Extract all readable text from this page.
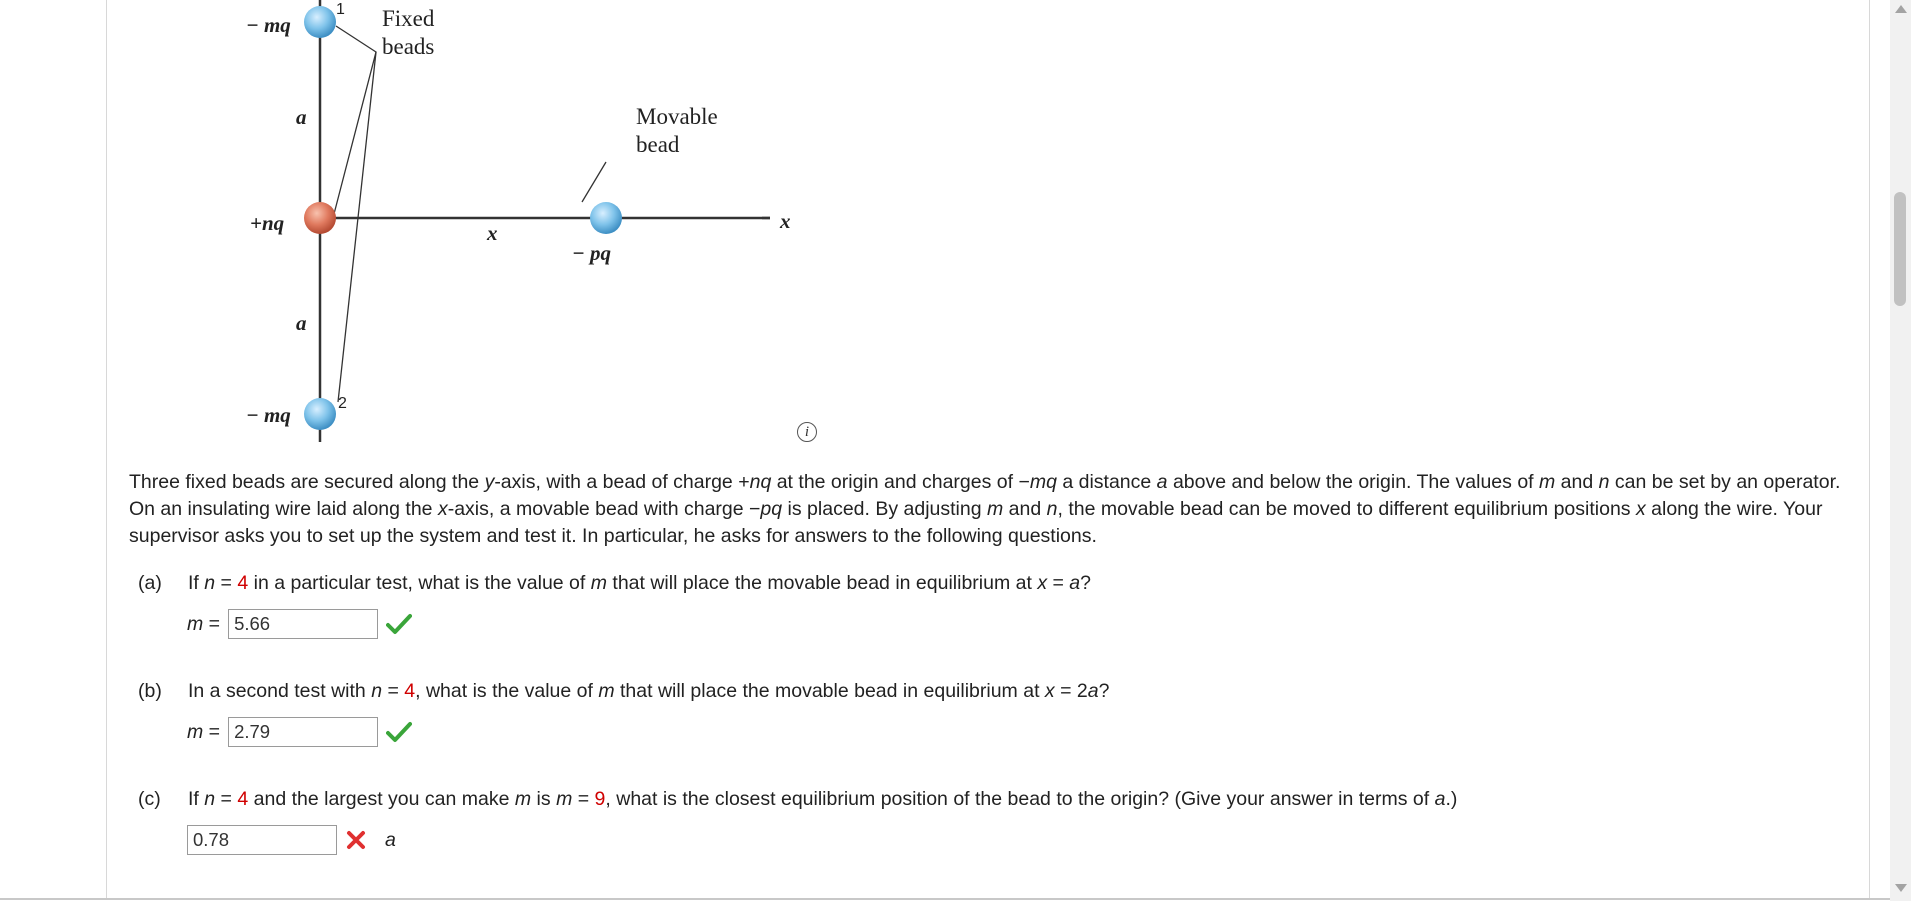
− mq
1 Fixed
beads
a
+nq	x
Movable
bead
− pq
x
a
− mq	2
i
Three fixed beads are secured along the y-axis, with a bead of charge +nq at the origin and charges of −mq a distance a above and below the origin. The values of m and n can be set by an operator. On an insulating wire laid along the x-axis, a movable bead with charge −pq is placed. By adjusting m and n, the movable bead can be moved to different equilibrium positions x along the wire. Your supervisor asks you to set up the system and test it. In particular, he asks for answers to the following questions.
(a) If n = 4 in a particular test, what is the value of m that will place the movable bead in equilibrium at x = a?
m =
5.66
(b) In a second test with n = 4, what is the value of m that will place the movable bead in equilibrium at x = 2a?
m =
2.79
(c) If n = 4 and the largest you can make m is m = 9, what is the closest equilibrium position of the bead to the origin? (Give your answer in terms of a.)
0.78
a
